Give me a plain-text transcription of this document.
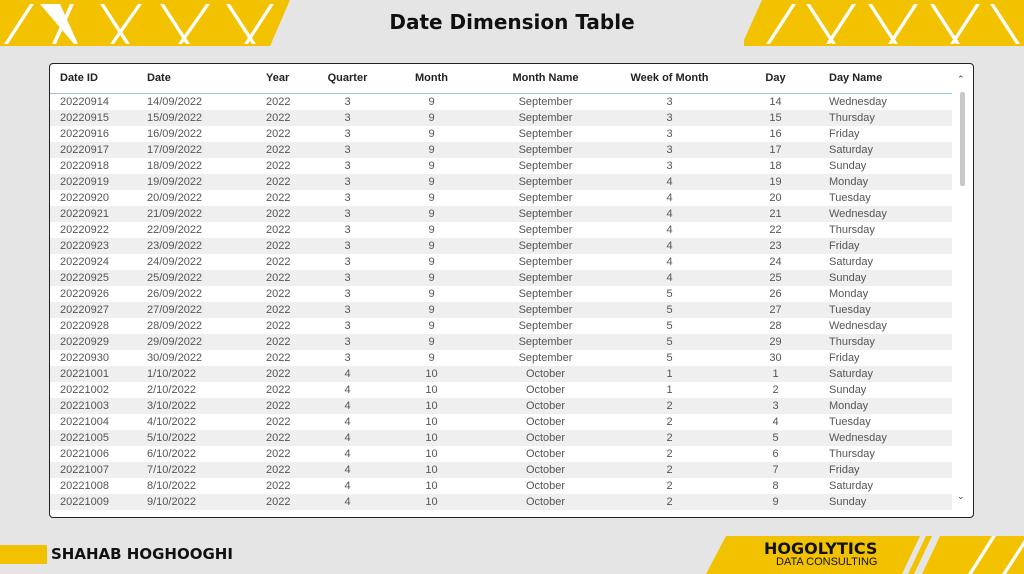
Date Dimension Table
Date ID	Date	Year	Quarter	Month	Month Name	Week of Month	Day	Day Name
20220914	14/09/2022	2022	3	9	September	3	14	Wednesday
20220915	15/09/2022	2022	3	9	September	3	15	Thursday
20220916	16/09/2022	2022	3	9	September	3	16	Friday
20220917	17/09/2022	2022	3	9	September	3	17	Saturday
20220918	18/09/2022	2022	3	9	September	3	18	Sunday
20220919	19/09/2022	2022	3	9	September	4	19	Monday
20220920	20/09/2022	2022	3	9	September	4	20	Tuesday
20220921	21/09/2022	2022	3	9	September	4	21	Wednesday
20220922	22/09/2022	2022	3	9	September	4	22	Thursday
20220923	23/09/2022	2022	3	9	September	4	23	Friday
20220924	24/09/2022	2022	3	9	September	4	24	Saturday
20220925	25/09/2022	2022	3	9	September	4	25	Sunday
20220926	26/09/2022	2022	3	9	September	5	26	Monday
20220927	27/09/2022	2022	3	9	September	5	27	Tuesday
20220928	28/09/2022	2022	3	9	September	5	28	Wednesday
20220929	29/09/2022	2022	3	9	September	5	29	Thursday
20220930	30/09/2022	2022	3	9	September	5	30	Friday
20221001	1/10/2022	2022	4	10	October	1	1	Saturday
20221002	2/10/2022	2022	4	10	October	1	2	Sunday
20221003	3/10/2022	2022	4	10	October	2	3	Monday
20221004	4/10/2022	2022	4	10	October	2	4	Tuesday
20221005	5/10/2022	2022	4	10	October	2	5	Wednesday
20221006	6/10/2022	2022	4	10	October	2	6	Thursday
20221007	7/10/2022	2022	4	10	October	2	7	Friday
20221008	8/10/2022	2022	4	10	October	2	8	Saturday
20221009	9/10/2022	2022	4	10	October	2	9	Sunday
⌃
⌄
SHAHAB HOGHOOGHI	HOGOLYTICS
DATA CONSULTING
